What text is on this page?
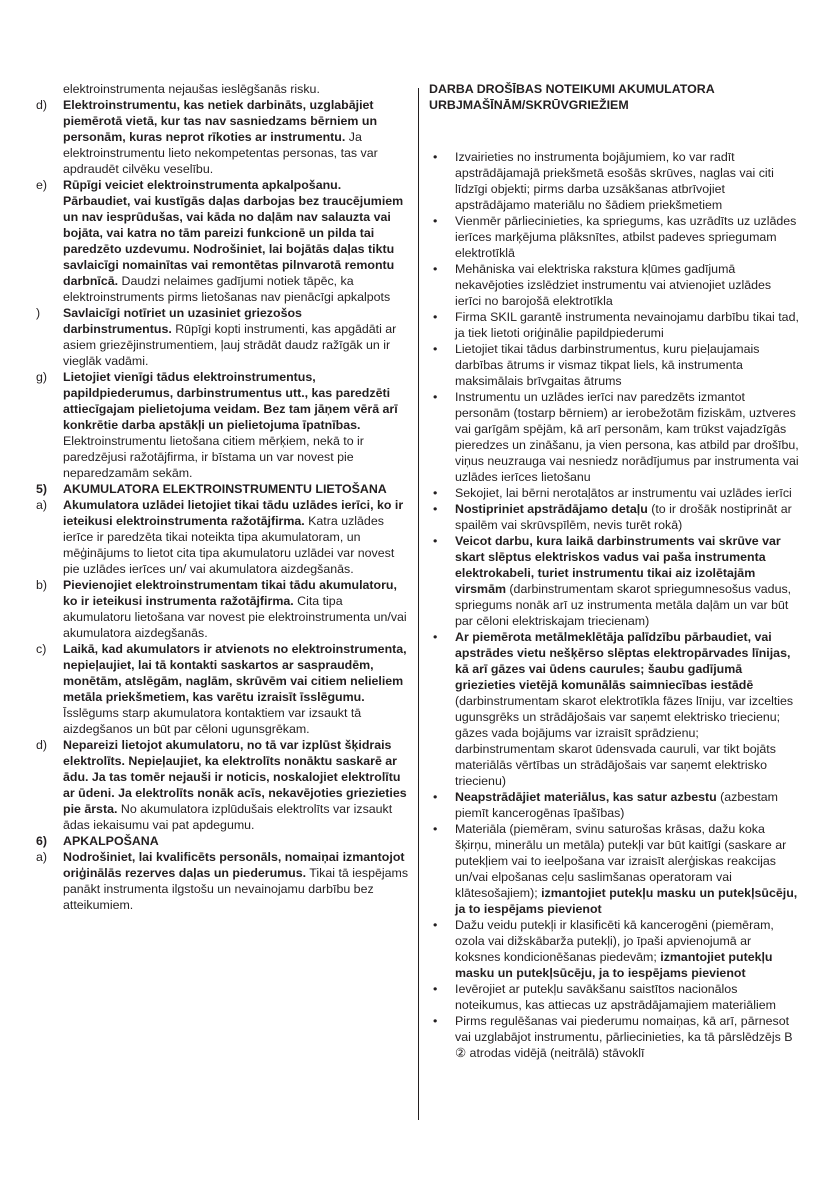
elektroinstrumenta nejaušas ieslēgšanās risku.
d) Elektroinstrumentu, kas netiek darbināts, uzglabājiet piemērotā vietā, kur tas nav sasniedzams bērniem un personām, kuras neprot rīkoties ar instrumentu. Ja elektroinstrumentu lieto nekompetentas personas, tas var apdraudēt cilvēku veselību.
e) Rūpīgi veiciet elektroinstrumenta apkalpošanu. Pārbaudiet, vai kustīgās daļas darbojas bez traucējumiem un nav iesprūdušas, vai kāda no daļām nav salauzta vai bojāta, vai katra no tām pareizi funkcionē un pilda tai paredzēto uzdevumu. Nodrošiniet, lai bojātās daļas tiktu savlaicīgi nomainītas vai remontētas pilnvarotā remontu darbnīcā. Daudzi nelaimes gadījumi notiek tāpēc, ka elektroinstruments pirms lietošanas nav pienācīgi apkalpots
) Savlaicīgi notīriet un uzasiniet griezošos darbinstrumentus. Rūpīgi kopti instrumenti, kas apgādāti ar asiem griezējinstrumentiem, ļauj strādāt daudz ražīgāk un ir vieglāk vadāmi.
g) Lietojiet vienīgi tādus elektroinstrumentus, papildpiederumus, darbinstrumentus utt., kas paredzēti attiecīgajam pielietojuma veidam. Bez tam jāņem vērā arī konkrētie darba apstākļi un pielietojuma īpatnības. Elektroinstrumentu lietošana citiem mērķiem, nekā to ir paredzējusi ražotājfirma, ir bīstama un var novest pie neparedzamām sekām.
5) AKUMULATORA ELEKTROINSTRUMENTU LIETOŠANA
a) Akumulatora uzlādei lietojiet tikai tādu uzlādes ierīci, ko ir ieteikusi elektroinstrumenta ražotājfirma. Katra uzlādes ierīce ir paredzēta tikai noteikta tipa akumulatoram, un mēģinājums to lietot cita tipa akumulatoru uzlādei var novest pie uzlādes ierīces un/ vai akumulatora aizdegšanās.
b) Pievienojiet elektroinstrumentam tikai tādu akumulatoru, ko ir ieteikusi instrumenta ražotājfirma. Cita tipa akumulatoru lietošana var novest pie elektroinstrumenta un/vai akumulatora aizdegšanās.
c) Laikā, kad akumulators ir atvienots no elektroinstrumenta, nepieļaujiet, lai tā kontakti saskartos ar saspraudēm, monētām, atslēgām, naglām, skrūvēm vai citiem nelieliem metāla priekšmetiem, kas varētu izraisīt īsslēgumu. Īsslēgums starp akumulatora kontaktiem var izsaukt tā aizdegšanos un būt par cēloni ugunsgrēkam.
d) Nepareizi lietojot akumulatoru, no tā var izplūst šķidrais elektrolīts. Nepieļaujiet, ka elektrolīts nonāktu saskarē ar ādu. Ja tas tomēr nejauši ir noticis, noskalojiet elektrolītu ar ūdeni. Ja elektrolīts nonāk acīs, nekavējoties griezieties pie ārsta. No akumulatora izplūdušais elektrolīts var izsaukt ādas iekaisumu vai pat apdegumu.
6) APKALPOŠANA
a) Nodrošiniet, lai kvalificēts personāls, nomaiņai izmantojot oriģinālās rezerves daļas un piederumus. Tikai tā iespējams panākt instrumenta ilgstošu un nevainojamu darbību bez atteikumiem.
DARBA DROŠĪBAS NOTEIKUMI AKUMULATORA URBJMAŠĪNĀM/SKRŪVGRIEŽIEM
• Izvairieties no instrumenta bojājumiem, ko var radīt apstrādājamajā priekšmetā esošās skrūves, naglas vai citi līdzīgi objekti; pirms darba uzsākšanas atbrīvojiet apstrādājamo materiālu no šādiem priekšmetiem
• Vienmēr pārliecinieties, ka spriegums, kas uzrādīts uz uzlādes ierīces marķējuma plāksnītes, atbilst padeves spriegumam elektrotīklā
• Mehāniska vai elektriska rakstura kļūmes gadījumā nekavējoties izslēdziet instrumentu vai atvienojiet uzlādes ierīci no barojošā elektrotīkla
• Firma SKIL garantē instrumenta nevainojamu darbību tikai tad, ja tiek lietoti oriģinālie papildpiederumi
• Lietojiet tikai tādus darbinstrumentus, kuru pieļaujamais darbības ātrums ir vismaz tikpat liels, kā instrumenta maksimālais brīvgaitas ātrums
• Instrumentu un uzlādes ierīci nav paredzēts izmantot personām (tostarp bērniem) ar ierobežotām fiziskām, uztveres vai garīgām spējām, kā arī personām, kam trūkst vajadzīgās pieredzes un zināšanu, ja vien persona, kas atbild par drošību, viņus neuzrauga vai nesniedz norādījumus par instrumenta vai uzlādes ierīces lietošanu
• Sekojiet, lai bērni nerotaļātos ar instrumentu vai uzlādes ierīci
• Nostipriniet apstrādājamo detaļu (to ir drošāk nostiprināt ar spailēm vai skrūvspīlēm, nevis turēt rokā)
• Veicot darbu, kura laikā darbinstruments vai skrūve var skart slēptus elektriskos vadus vai paša instrumenta elektrokabeli, turiet instrumentu tikai aiz izolētajām virsmām (darbinstrumentam skarot spriegumnesošus vadus, spriegums nonāk arī uz instrumenta metāla daļām un var būt par cēloni elektriskajam triecienam)
• Ar piemērota metālmeklētāja palīdzību pārbaudiet, vai apstrādes vietu nešķērso slēptas elektropārvades līnijas, kā arī gāzes vai ūdens caurules; šaubu gadījumā griezieties vietējā komunālās saimniecības iestādē (darbinstrumentam skarot elektrotīkla fāzes līniju, var izcelties ugunsgrēks un strādājošais var saņemt elektrisko triecienu; gāzes vada bojājums var izraisīt sprādzienu; darbinstrumentam skarot ūdensvada cauruli, var tikt bojāts materiālās vērtības un strādājošais var saņemt elektrisko triecienu)
• Neapstrādājiet materiālus, kas satur azbestu (azbestam piemīt kancerogēnas īpašības)
• Materiāla (piemēram, svinu saturošas krāsas, dažu koka šķirņu, minerālu un metāla) putekļi var būt kaitīgi (saskare ar putekļiem vai to ieelpošana var izraisīt alerģiskas reakcijas un/vai elpošanas ceļu saslimšanas operatoram vai klātesošajiem); izmantojiet putekļu masku un putekļsūcēju, ja to iespējams pievienot
• Dažu veidu putekļi ir klasificēti kā kancerogēni (piemēram, ozola vai dižskābarža putekļi), jo īpaši apvienojumā ar koksnes kondicionēšanas piedevām; izmantojiet putekļu masku un putekļsūcēju, ja to iespējams pievienot
• Ievērojiet ar putekļu savākšanu saistītos nacionālos noteikumus, kas attiecas uz apstrādājamajiem materiāliem
• Pirms regulēšanas vai piederumu nomaiņas, kā arī, pārnesot vai uzglabājot instrumentu, pārliecinieties, ka tā pārslēdzējs B ② atrodas vidējā (neitrālā) stāvoklī
